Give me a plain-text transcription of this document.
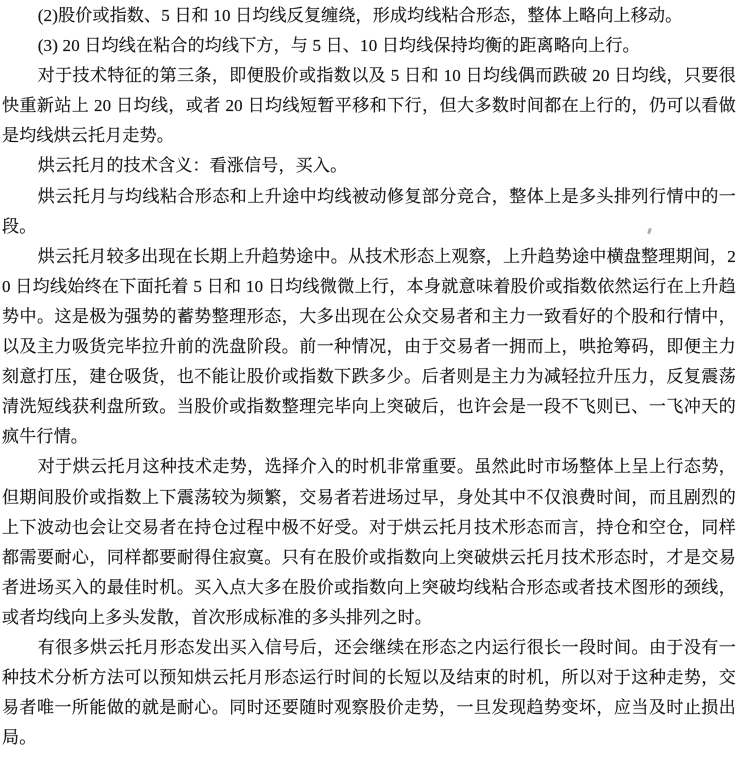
(2)股价或指数、5 日和 10 日均线反复缠绕，形成均线粘合形态，整体上略向上移动。

(3) 20 日均线在粘合的均线下方，与 5 日、10 日均线保持均衡的距离略向上行。

对于技术特征的第三条，即便股价或指数以及 5 日和 10 日均线偶而跌破 20 日均线，只要很快重新站上 20 日均线，或者 20 日均线短暂平移和下行，但大多数时间都在上行的，仍可以看做是均线烘云托月走势。

烘云托月的技术含义：看涨信号，买入。

烘云托月与均线粘合形态和上升途中均线被动修复部分竞合，整体上是多头排列行情中的一段。

烘云托月较多出现在长期上升趋势途中。从技术形态上观察，上升趋势途中横盘整理期间，20 日均线始终在下面托着 5 日和 10 日均线微微上行，本身就意味着股价或指数依然运行在上升趋势中。这是极为强势的蓄势整理形态，大多出现在公众交易者和主力一致看好的个股和行情中，以及主力吸货完毕拉升前的洗盘阶段。前一种情况，由于交易者一拥而上，哄抢筹码，即便主力刻意打压，建仓吸货，也不能让股价或指数下跌多少。后者则是主力为减轻拉升压力，反复震荡清洗短线获利盘所致。当股价或指数整理完毕向上突破后，也许会是一段不飞则已、一飞冲天的疯牛行情。

对于烘云托月这种技术走势，选择介入的时机非常重要。虽然此时市场整体上呈上行态势，但期间股价或指数上下震荡较为频繁，交易者若进场过早，身处其中不仅浪费时间，而且剧烈的上下波动也会让交易者在持仓过程中极不好受。对于烘云托月技术形态而言，持仓和空仓，同样都需要耐心，同样都要耐得住寂寞。只有在股价或指数向上突破烘云托月技术形态时，才是交易者进场买入的最佳时机。买入点大多在股价或指数向上突破均线粘合形态或者技术图形的颈线，或者均线向上多头发散，首次形成标准的多头排列之时。

有很多烘云托月形态发出买入信号后，还会继续在形态之内运行很长一段时间。由于没有一种技术分析方法可以预知烘云托月形态运行时间的长短以及结束的时机，所以对于这种走势，交易者唯一所能做的就是耐心。同时还要随时观察股价走势，一旦发现趋势变坏，应当及时止损出局。
